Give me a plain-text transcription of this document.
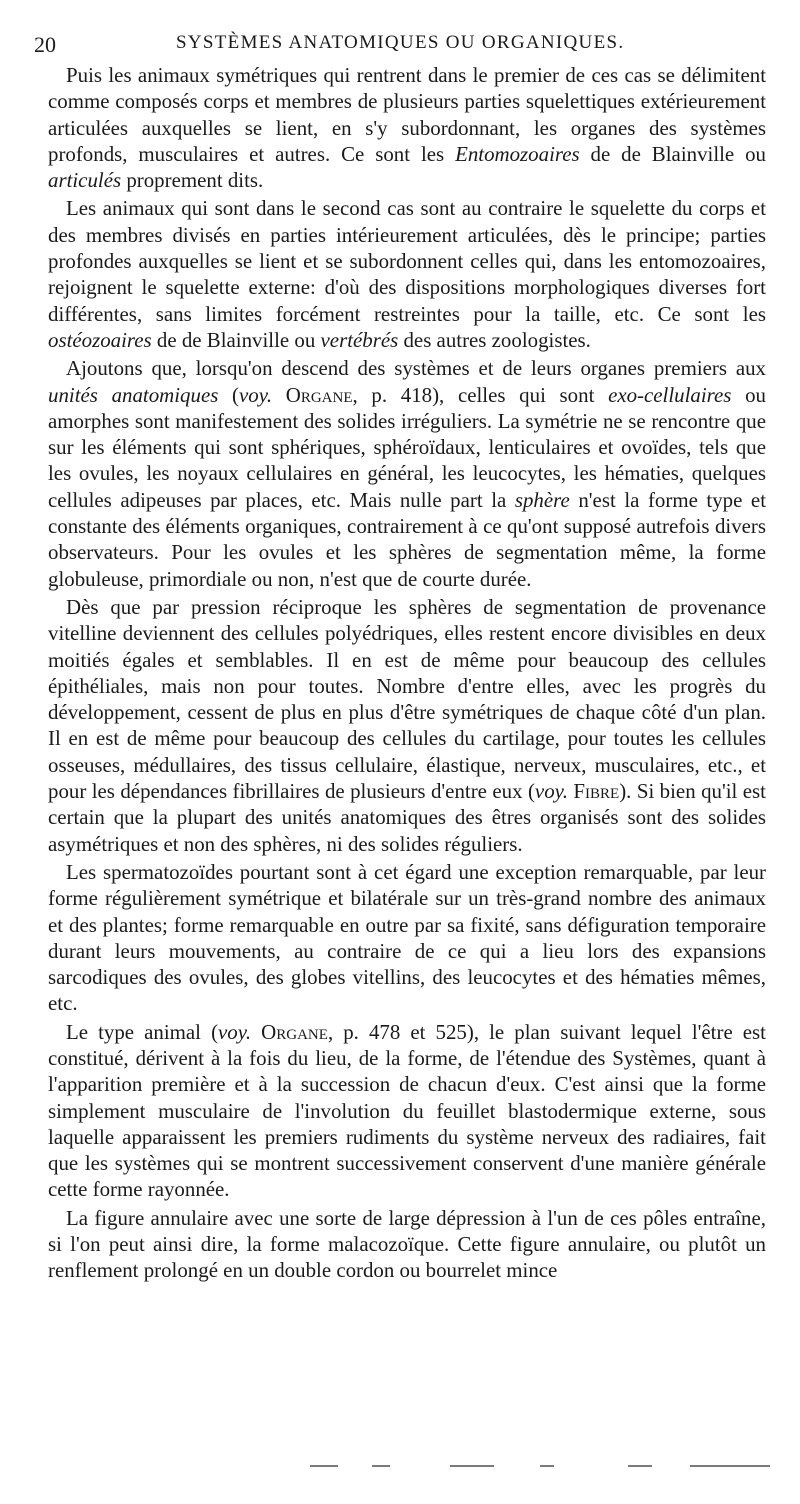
20	SYSTÈMES ANATOMIQUES OU ORGANIQUES.

Puis les animaux symétriques qui rentrent dans le premier de ces cas se délimitent comme composés corps et membres de plusieurs parties squelettiques extérieurement articulées auxquelles se lient, en s'y subordonnant, les organes des systèmes profonds, musculaires et autres. Ce sont les Entomozoaires de de Blainville ou articulés proprement dits.

Les animaux qui sont dans le second cas sont au contraire le squelette du corps et des membres divisés en parties intérieurement articulées, dès le principe; parties profondes auxquelles se lient et se subordonnent celles qui, dans les entomozoaires, rejoignent le squelette externe: d'où des dispositions morphologiques diverses fort différentes, sans limites forcément restreintes pour la taille, etc. Ce sont les ostéozoaires de de Blainville ou vertébrés des autres zoologistes.

Ajoutons que, lorsqu'on descend des systèmes et de leurs organes premiers aux unités anatomiques (voy. Organe, p. 418), celles qui sont exo-cellulaires ou amorphes sont manifestement des solides irréguliers. La symétrie ne se rencontre que sur les éléments qui sont sphériques, sphéroïdaux, lenticulaires et ovoïdes, tels que les ovules, les noyaux cellulaires en général, les leucocytes, les hématies, quelques cellules adipeuses par places, etc. Mais nulle part la sphère n'est la forme type et constante des éléments organiques, contrairement à ce qu'ont supposé autrefois divers observateurs. Pour les ovules et les sphères de segmentation même, la forme globuleuse, primordiale ou non, n'est que de courte durée.

Dès que par pression réciproque les sphères de segmentation de provenance vitelline deviennent des cellules polyédriques, elles restent encore divisibles en deux moitiés égales et semblables. Il en est de même pour beaucoup des cellules épithéliales, mais non pour toutes. Nombre d'entre elles, avec les progrès du développement, cessent de plus en plus d'être symétriques de chaque côté d'un plan. Il en est de même pour beaucoup des cellules du cartilage, pour toutes les cellules osseuses, médullaires, des tissus cellulaire, élastique, nerveux, musculaires, etc., et pour les dépendances fibrillaires de plusieurs d'entre eux (voy. Fibre). Si bien qu'il est certain que la plupart des unités anatomiques des êtres organisés sont des solides asymétriques et non des sphères, ni des solides réguliers.

Les spermatozoïdes pourtant sont à cet égard une exception remarquable, par leur forme régulièrement symétrique et bilatérale sur un très-grand nombre des animaux et des plantes; forme remarquable en outre par sa fixité, sans défiguration temporaire durant leurs mouvements, au contraire de ce qui a lieu lors des expansions sarcodiques des ovules, des globes vitellins, des leucocytes et des hématies mêmes, etc.

Le type animal (voy. Organe, p. 478 et 525), le plan suivant lequel l'être est constitué, dérivent à la fois du lieu, de la forme, de l'étendue des Systèmes, quant à l'apparition première et à la succession de chacun d'eux. C'est ainsi que la forme simplement musculaire de l'involution du feuillet blastodermique externe, sous laquelle apparaissent les premiers rudiments du système nerveux des radiaires, fait que les systèmes qui se montrent successivement conservent d'une manière générale cette forme rayonnée.

La figure annulaire avec une sorte de large dépression à l'un de ces pôles entraîne, si l'on peut ainsi dire, la forme malacozoïque. Cette figure annulaire, ou plutôt un renflement prolongé en un double cordon ou bourrelet mince
